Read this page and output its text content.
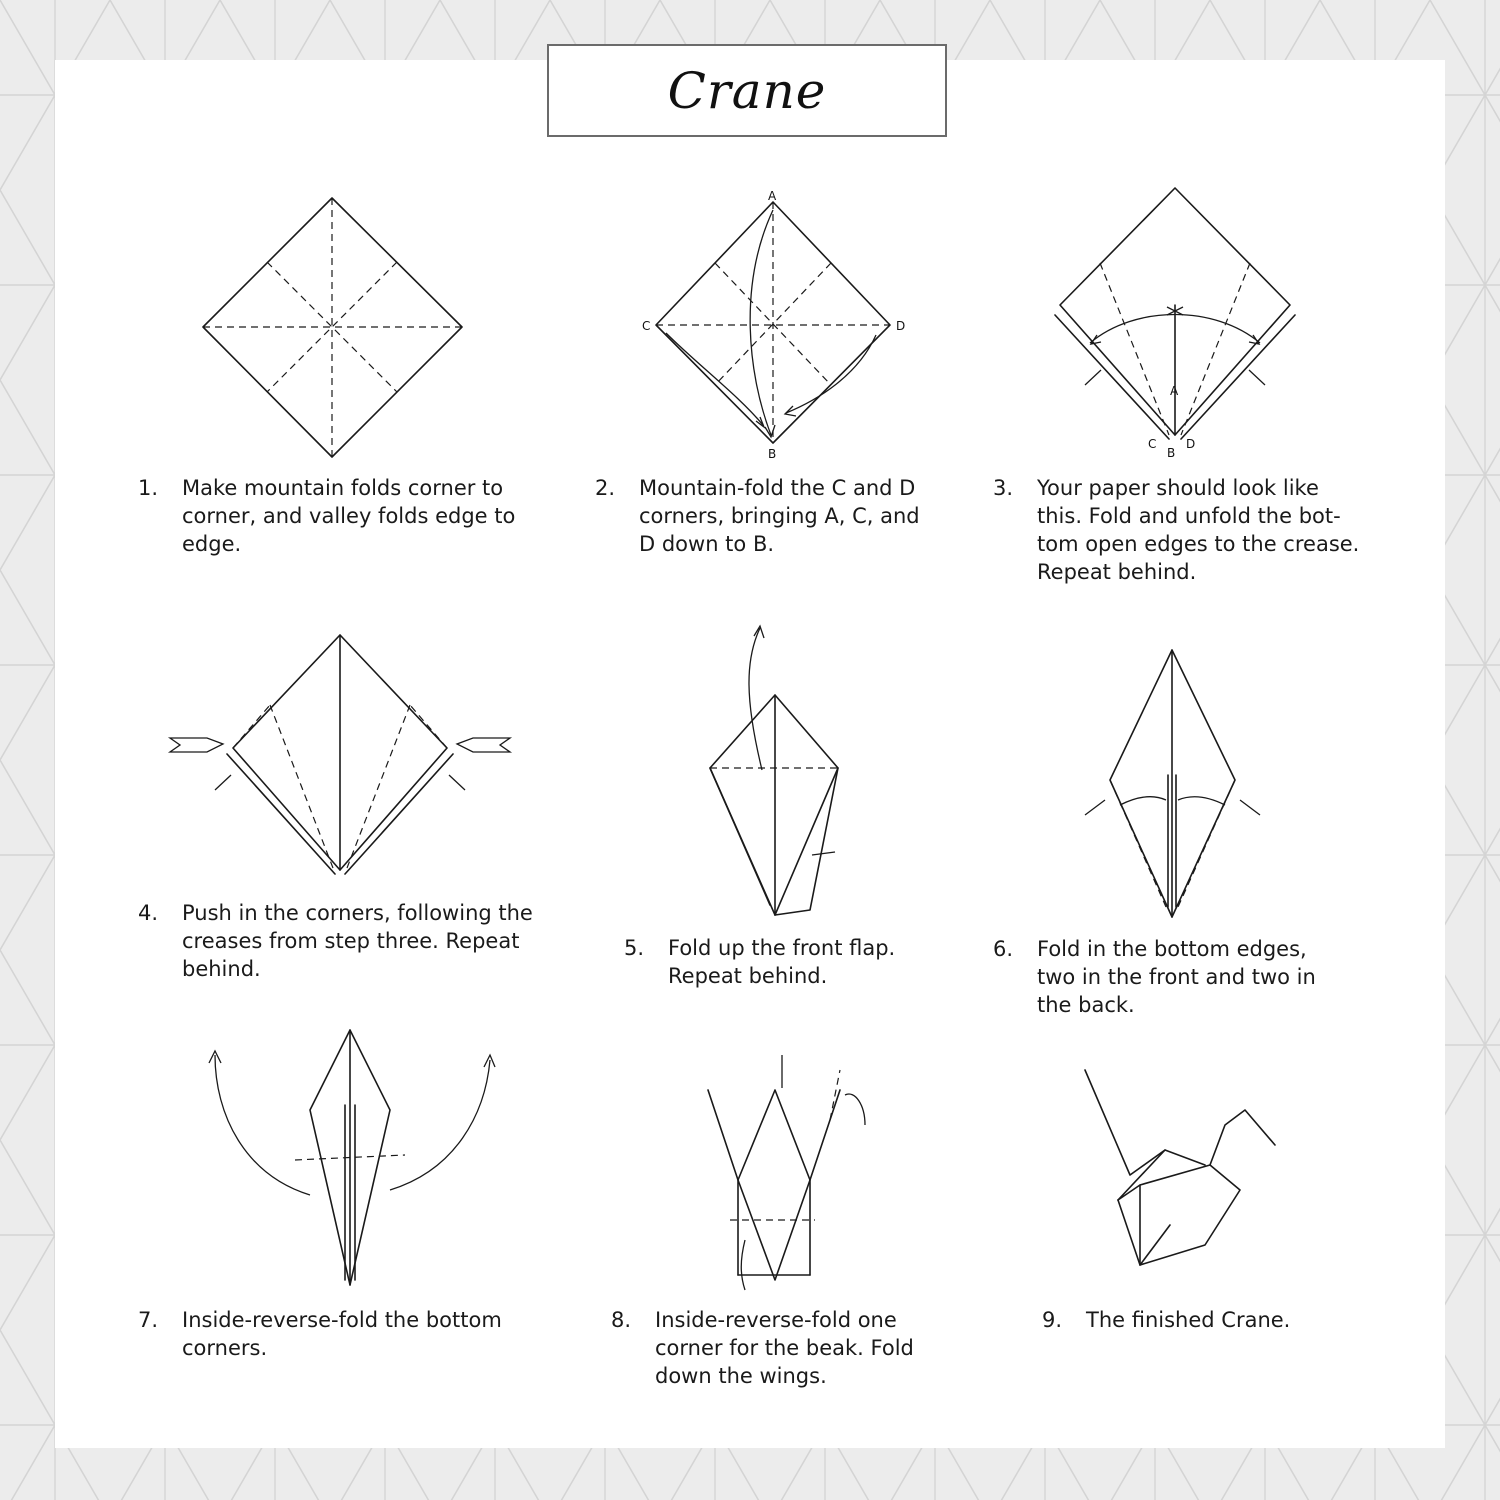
Crane
A
C	D
B
A
C
B
D
1.	Make mountain folds corner to
corner, and valley folds edge to
edge.
2.	Mountain-fold the C and D
corners, bringing A, C, and
D down to B.
3.	Your paper should look like
this. Fold and unfold the bot-
tom open edges to the crease.
Repeat behind.
4.	Push in the corners, following the
creases from step three. Repeat
behind.
5.	Fold up the front flap.
Repeat behind.
6.	Fold in the bottom edges,
two in the front and two in
the back.
7.	Inside-reverse-fold the bottom
corners.
8.	Inside-reverse-fold one
corner for the beak. Fold
down the wings.
9.	The finished Crane.
